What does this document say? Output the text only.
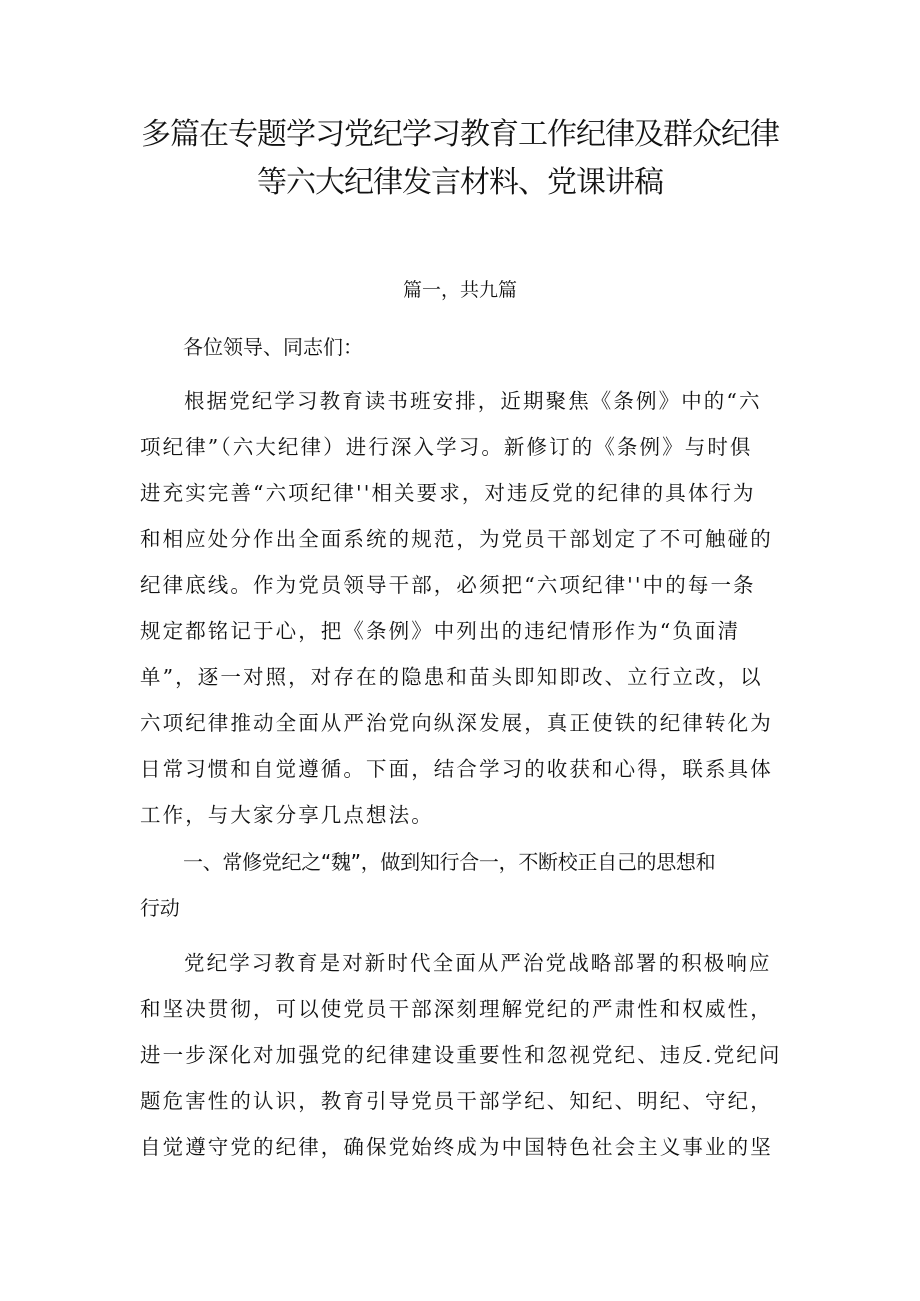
多篇在专题学习党纪学习教育工作纪律及群众纪律
等六大纪律发言材料、党课讲稿

篇一，共九篇

各位领导、同志们：

根据党纪学习教育读书班安排，近期聚焦《条例》中的“六
项纪律”（六大纪律）进行深入学习。新修订的《条例》与时俱
进充实完善“六项纪律''相关要求，对违反党的纪律的具体行为
和相应处分作出全面系统的规范，为党员干部划定了不可触碰的
纪律底线。作为党员领导干部，必须把“六项纪律''中的每一条
规定都铭记于心，把《条例》中列出的违纪情形作为“负面清
单”，逐一对照，对存在的隐患和苗头即知即改、立行立改，以
六项纪律推动全面从严治党向纵深发展，真正使铁的纪律转化为
日常习惯和自觉遵循。下面，结合学习的收获和心得，联系具体
工作，与大家分享几点想法。
一、常修党纪之“魏”，做到知行合一，不断校正自己的思想和
行动
党纪学习教育是对新时代全面从严治党战略部署的积极响应
和坚决贯彻，可以使党员干部深刻理解党纪的严肃性和权威性，
进一步深化对加强党的纪律建设重要性和忽视党纪、违反.党纪问
题危害性的认识，教育引导党员干部学纪、知纪、明纪、守纪，
自觉遵守党的纪律，确保党始终成为中国特色社会主义事业的坚
